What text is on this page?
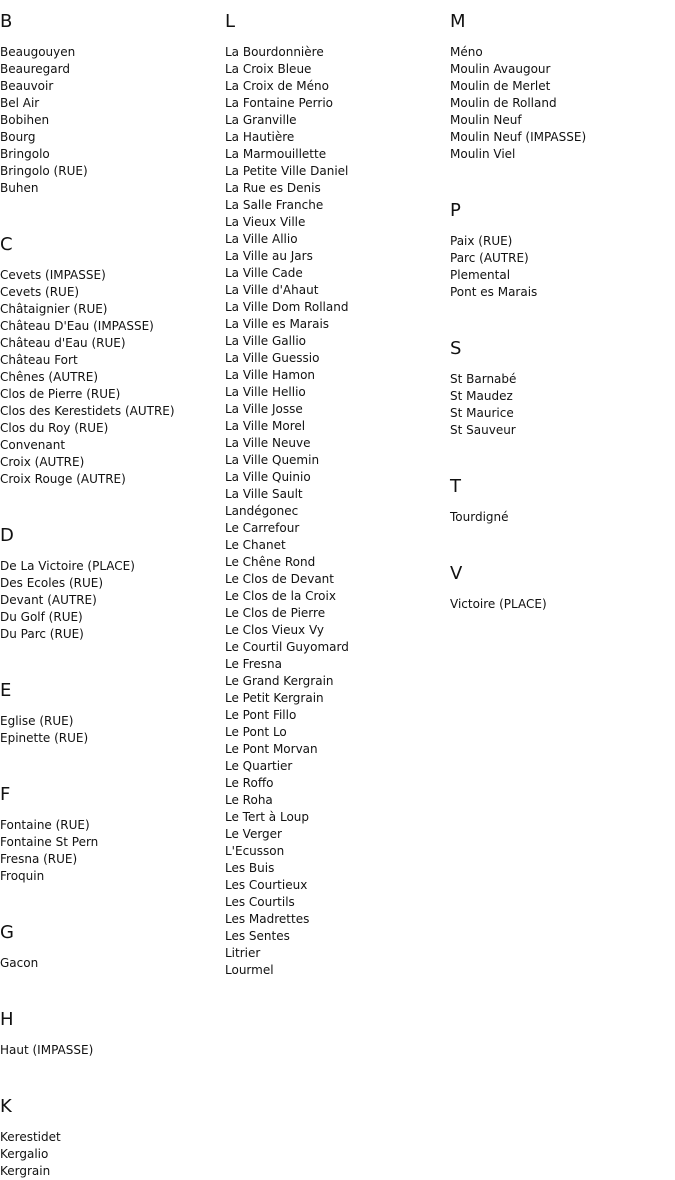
B
Beaugouyen
Beauregard
Beauvoir
Bel Air
Bobihen
Bourg
Bringolo
Bringolo (RUE)
Buhen
C
Cevets (IMPASSE)
Cevets (RUE)
Châtaignier (RUE)
Château D'Eau (IMPASSE)
Château d'Eau (RUE)
Château Fort
Chênes (AUTRE)
Clos de Pierre (RUE)
Clos des Kerestidets (AUTRE)
Clos du Roy (RUE)
Convenant
Croix (AUTRE)
Croix Rouge (AUTRE)
D
De La Victoire (PLACE)
Des Ecoles (RUE)
Devant (AUTRE)
Du Golf (RUE)
Du Parc (RUE)
E
Eglise (RUE)
Epinette (RUE)
F
Fontaine (RUE)
Fontaine St Pern
Fresna (RUE)
Froquin
G
Gacon
H
Haut (IMPASSE)
K
Kerestidet
Kergalio
Kergrain
L
La Bourdonnière
La Croix Bleue
La Croix de Méno
La Fontaine Perrio
La Granville
La Hautière
La Marmouillette
La Petite Ville Daniel
La Rue es Denis
La Salle Franche
La Vieux Ville
La Ville Allio
La Ville au Jars
La Ville Cade
La Ville d'Ahaut
La Ville Dom Rolland
La Ville es Marais
La Ville Gallio
La Ville Guessio
La Ville Hamon
La Ville Hellio
La Ville Josse
La Ville Morel
La Ville Neuve
La Ville Quemin
La Ville Quinio
La Ville Sault
Landégonec
Le Carrefour
Le Chanet
Le Chêne Rond
Le Clos de Devant
Le Clos de la Croix
Le Clos de Pierre
Le Clos Vieux Vy
Le Courtil Guyomard
Le Fresna
Le Grand Kergrain
Le Petit Kergrain
Le Pont Fillo
Le Pont Lo
Le Pont Morvan
Le Quartier
Le Roffo
Le Roha
Le Tert à Loup
Le Verger
L'Ecusson
Les Buis
Les Courtieux
Les Courtils
Les Madrettes
Les Sentes
Litrier
Lourmel
M
Méno
Moulin Avaugour
Moulin de Merlet
Moulin de Rolland
Moulin Neuf
Moulin Neuf (IMPASSE)
Moulin Viel
P
Paix (RUE)
Parc (AUTRE)
Plemental
Pont es Marais
S
St Barnabé
St Maudez
St Maurice
St Sauveur
T
Tourdigné
V
Victoire (PLACE)
